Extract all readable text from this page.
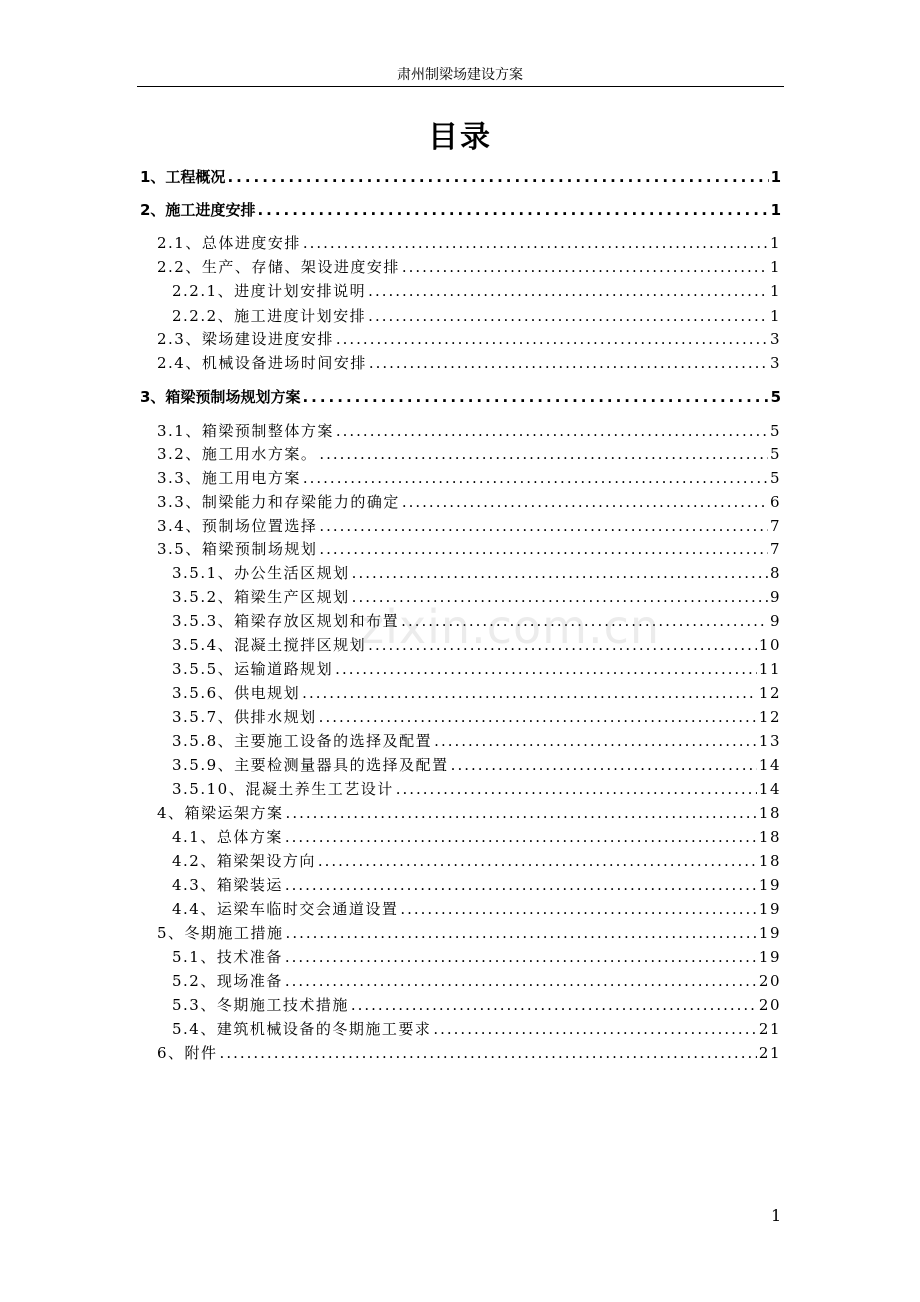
肃州制梁场建设方案
目录
1、工程概况 .....	1
2、施工进度安排 .....	1
2.1、总体进度安排 .....	1
2.2、生产、存储、架设进度安排 .....	1
2.2.1、进度计划安排说明 .....	1
2.2.2、施工进度计划安排 .....	1
2.3、梁场建设进度安排 .....	3
2.4、机械设备进场时间安排 .....	3
3、箱梁预制场规划方案 .....	5
3.1、箱梁预制整体方案 .....	5
3.2、施工用水方案。 .....	5
3.3、施工用电方案 .....	5
3.3、制梁能力和存梁能力的确定 .....	6
3.4、预制场位置选择 .....	7
3.5、箱梁预制场规划 .....	7
3.5.1、办公生活区规划 .....	8
3.5.2、箱梁生产区规划 .....	9
3.5.3、箱梁存放区规划和布置 .....	9
3.5.4、混凝土搅拌区规划 .....	10
3.5.5、运输道路规划 .....	11
3.5.6、供电规划 .....	12
3.5.7、供排水规划 .....	12
3.5.8、主要施工设备的选择及配置 .....	13
3.5.9、主要检测量器具的选择及配置 .....	14
3.5.10、混凝土养生工艺设计 .....	14
4、箱梁运架方案 .....	18
4.1、总体方案 .....	18
4.2、箱梁架设方向 .....	18
4.3、箱梁装运 .....	19
4.4、运梁车临时交会通道设置 .....	19
5、冬期施工措施 .....	19
5.1、技术准备 .....	19
5.2、现场准备 .....	20
5.3、冬期施工技术措施 .....	20
5.4、建筑机械设备的冬期施工要求 .....	21
6、附件 .....	21
zixin.com.cn
1
